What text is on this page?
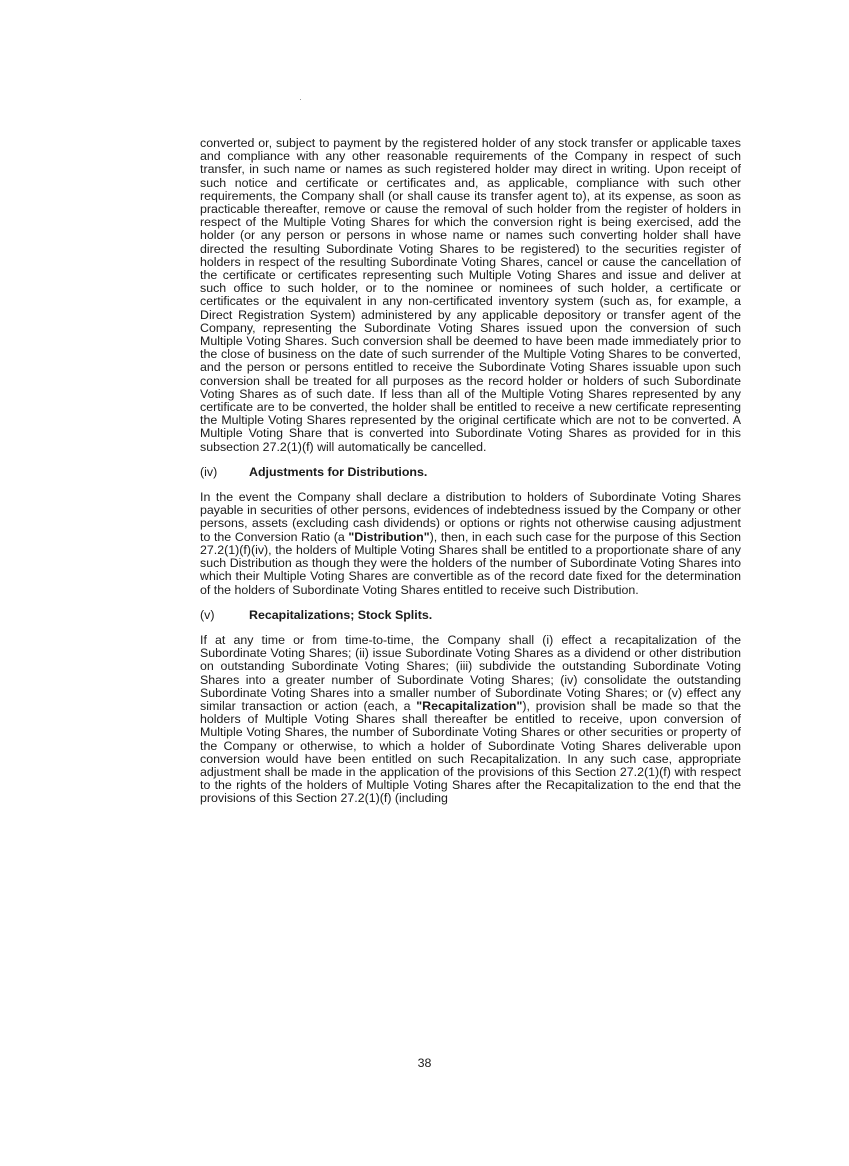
converted or, subject to payment by the registered holder of any stock transfer or applicable taxes and compliance with any other reasonable requirements of the Company in respect of such transfer, in such name or names as such registered holder may direct in writing. Upon receipt of such notice and certificate or certificates and, as applicable, compliance with such other requirements, the Company shall (or shall cause its transfer agent to), at its expense, as soon as practicable thereafter, remove or cause the removal of such holder from the register of holders in respect of the Multiple Voting Shares for which the conversion right is being exercised, add the holder (or any person or persons in whose name or names such converting holder shall have directed the resulting Subordinate Voting Shares to be registered) to the securities register of holders in respect of the resulting Subordinate Voting Shares, cancel or cause the cancellation of the certificate or certificates representing such Multiple Voting Shares and issue and deliver at such office to such holder, or to the nominee or nominees of such holder, a certificate or certificates or the equivalent in any non-certificated inventory system (such as, for example, a Direct Registration System) administered by any applicable depository or transfer agent of the Company, representing the Subordinate Voting Shares issued upon the conversion of such Multiple Voting Shares. Such conversion shall be deemed to have been made immediately prior to the close of business on the date of such surrender of the Multiple Voting Shares to be converted, and the person or persons entitled to receive the Subordinate Voting Shares issuable upon such conversion shall be treated for all purposes as the record holder or holders of such Subordinate Voting Shares as of such date. If less than all of the Multiple Voting Shares represented by any certificate are to be converted, the holder shall be entitled to receive a new certificate representing the Multiple Voting Shares represented by the original certificate which are not to be converted. A Multiple Voting Share that is converted into Subordinate Voting Shares as provided for in this subsection 27.2(1)(f) will automatically be cancelled.

(iv)	Adjustments for Distributions.

In the event the Company shall declare a distribution to holders of Subordinate Voting Shares payable in securities of other persons, evidences of indebtedness issued by the Company or other persons, assets (excluding cash dividends) or options or rights not otherwise causing adjustment to the Conversion Ratio (a "Distribution"), then, in each such case for the purpose of this Section 27.2(1)(f)(iv), the holders of Multiple Voting Shares shall be entitled to a proportionate share of any such Distribution as though they were the holders of the number of Subordinate Voting Shares into which their Multiple Voting Shares are convertible as of the record date fixed for the determination of the holders of Subordinate Voting Shares entitled to receive such Distribution.

(v)	Recapitalizations; Stock Splits.

If at any time or from time-to-time, the Company shall (i) effect a recapitalization of the Subordinate Voting Shares; (ii) issue Subordinate Voting Shares as a dividend or other distribution on outstanding Subordinate Voting Shares; (iii) subdivide the outstanding Subordinate Voting Shares into a greater number of Subordinate Voting Shares; (iv) consolidate the outstanding Subordinate Voting Shares into a smaller number of Subordinate Voting Shares; or (v) effect any similar transaction or action (each, a "Recapitalization"), provision shall be made so that the holders of Multiple Voting Shares shall thereafter be entitled to receive, upon conversion of Multiple Voting Shares, the number of Subordinate Voting Shares or other securities or property of the Company or otherwise, to which a holder of Subordinate Voting Shares deliverable upon conversion would have been entitled on such Recapitalization. In any such case, appropriate adjustment shall be made in the application of the provisions of this Section 27.2(1)(f) with respect to the rights of the holders of Multiple Voting Shares after the Recapitalization to the end that the provisions of this Section 27.2(1)(f) (including

38
